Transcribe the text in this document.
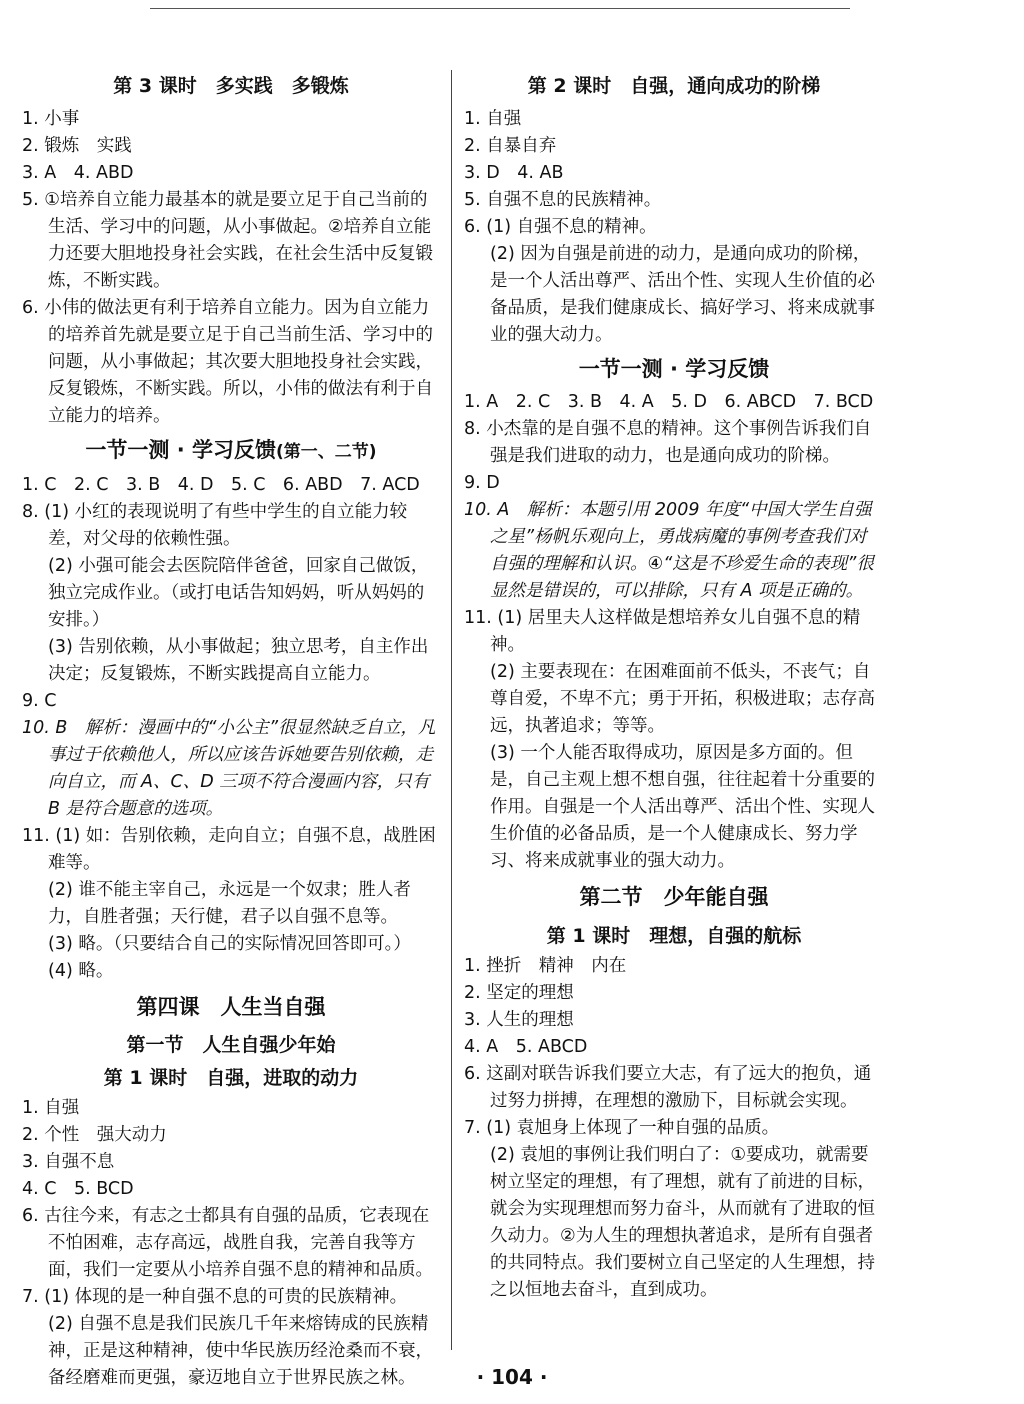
第 3 课时　多实践　多锻炼

1. 小事

2. 锻炼　实践

3. A　4. ABD

5. ①培养自立能力最基本的就是要立足于自己当前的生活、学习中的问题，从小事做起。②培养自立能力还要大胆地投身社会实践，在社会生活中反复锻炼，不断实践。

6. 小伟的做法更有利于培养自立能力。因为自立能力的培养首先就是要立足于自己当前生活、学习中的问题，从小事做起；其次要大胆地投身社会实践，反复锻炼，不断实践。所以，小伟的做法有利于自立能力的培养。

一节一测 · 学习反馈(第一、二节)

1. C　2. C　3. B　4. D　5. C　6. ABD　7. ACD

8. (1) 小红的表现说明了有些中学生的自立能力较差，对父母的依赖性强。

(2) 小强可能会去医院陪伴爸爸，回家自己做饭，独立完成作业。（或打电话告知妈妈，听从妈妈的安排。）

(3) 告别依赖，从小事做起；独立思考，自主作出决定；反复锻炼，不断实践提高自立能力。

9. C

10. B　解析：漫画中的“小公主”很显然缺乏自立，凡事过于依赖他人，所以应该告诉她要告别依赖，走向自立，而 A、C、D 三项不符合漫画内容，只有 B 是符合题意的选项。

11. (1) 如：告别依赖，走向自立；自强不息，战胜困难等。

(2) 谁不能主宰自己，永远是一个奴隶；胜人者力，自胜者强；天行健，君子以自强不息等。

(3) 略。（只要结合自己的实际情况回答即可。）

(4) 略。

第四课　人生当自强
第一节　人生自强少年始
第 1 课时　自强，进取的动力

1. 自强

2. 个性　强大动力

3. 自强不息

4. C　5. BCD

6. 古往今来，有志之士都具有自强的品质，它表现在不怕困难，志存高远，战胜自我，完善自我等方面，我们一定要从小培养自强不息的精神和品质。

7. (1) 体现的是一种自强不息的可贵的民族精神。

(2) 自强不息是我们民族几千年来熔铸成的民族精神，正是这种精神，使中华民族历经沧桑而不衰，备经磨难而更强，豪迈地自立于世界民族之林。

第 2 课时　自强，通向成功的阶梯

1. 自强

2. 自暴自弃

3. D　4. AB

5. 自强不息的民族精神。

6. (1) 自强不息的精神。

(2) 因为自强是前进的动力，是通向成功的阶梯，是一个人活出尊严、活出个性、实现人生价值的必备品质，是我们健康成长、搞好学习、将来成就事业的强大动力。

一节一测 · 学习反馈

1. A　2. C　3. B　4. A　5. D　6. ABCD　7. BCD

8. 小杰靠的是自强不息的精神。这个事例告诉我们自强是我们进取的动力，也是通向成功的阶梯。

9. D

10. A　解析：本题引用 2009 年度“中国大学生自强之星”杨帆乐观向上，勇战病魔的事例考查我们对自强的理解和认识。④“这是不珍爱生命的表现”很显然是错误的，可以排除，只有 A 项是正确的。

11. (1) 居里夫人这样做是想培养女儿自强不息的精神。

(2) 主要表现在：在困难面前不低头，不丧气；自尊自爱，不卑不亢；勇于开拓，积极进取；志存高远，执著追求；等等。

(3) 一个人能否取得成功，原因是多方面的。但是，自己主观上想不想自强，往往起着十分重要的作用。自强是一个人活出尊严、活出个性、实现人生价值的必备品质，是一个人健康成长、努力学习、将来成就事业的强大动力。

第二节　少年能自强
第 1 课时　理想，自强的航标

1. 挫折　精神　内在

2. 坚定的理想

3. 人生的理想

4. A　5. ABCD

6. 这副对联告诉我们要立大志，有了远大的抱负，通过努力拼搏，在理想的激励下，目标就会实现。

7. (1) 袁旭身上体现了一种自强的品质。

(2) 袁旭的事例让我们明白了：①要成功，就需要树立坚定的理想，有了理想，就有了前进的目标，就会为实现理想而努力奋斗，从而就有了进取的恒久动力。②为人生的理想执著追求，是所有自强者的共同特点。我们要树立自己坚定的人生理想，持之以恒地去奋斗，直到成功。

· 104 ·
